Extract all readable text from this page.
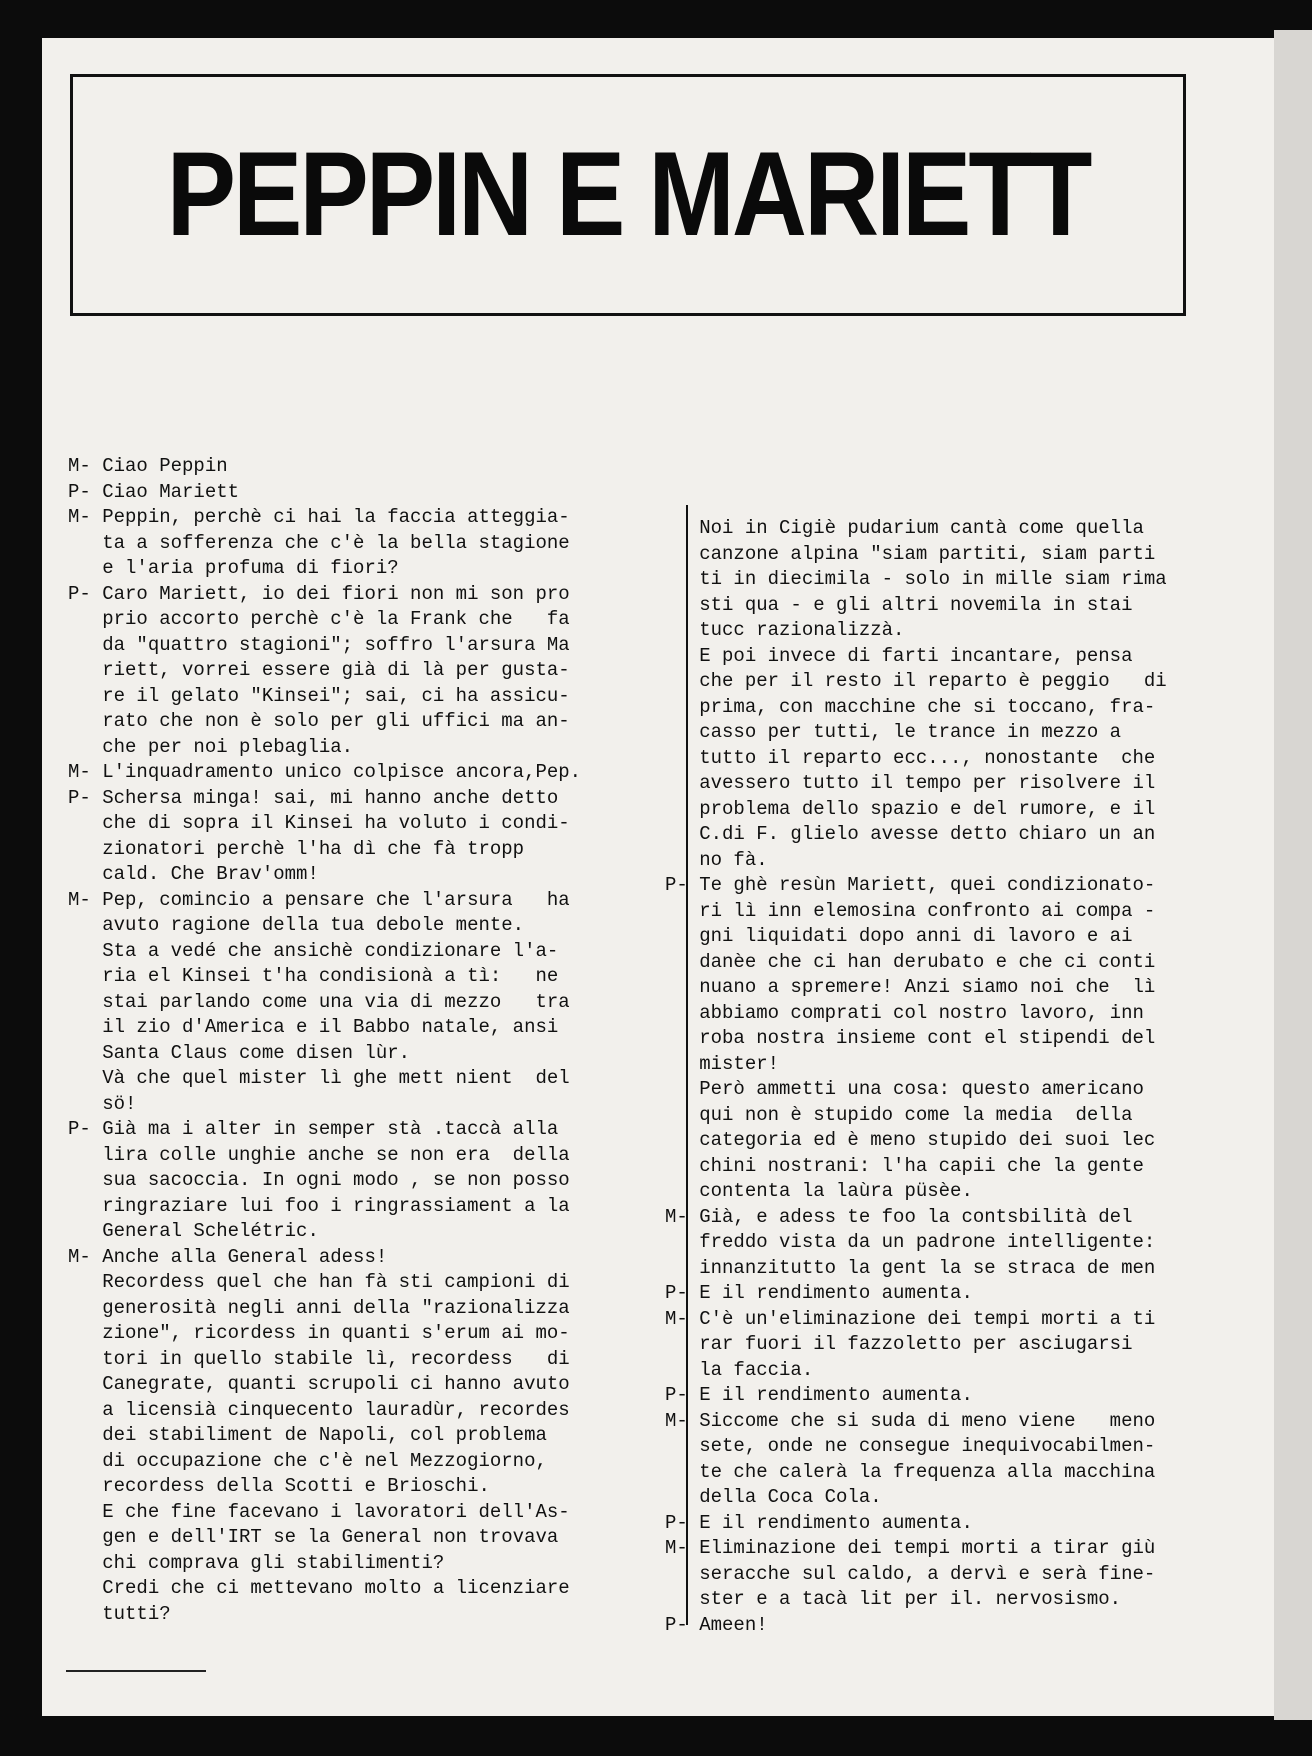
PEPPIN E MARIETT
M- Ciao Peppin
P- Ciao Mariett
M- Peppin, perchè ci hai la faccia atteggia-
ta a sofferenza che c'è la bella stagione
e l'aria profuma di fiori?
P- Caro Mariett, io dei fiori non mi son pro
prio accorto perchè c'è la Frank che   fa
da "quattro stagioni"; soffro l'arsura Ma
riett, vorrei essere già di là per gusta-
re il gelato "Kinsei"; sai, ci ha assicu-
rato che non è solo per gli uffici ma an-
che per noi plebaglia.
M- L'inquadramento unico colpisce ancora,Pep.
P- Schersa minga! sai, mi hanno anche detto
che di sopra il Kinsei ha voluto i condi-
zionatori perchè l'ha dì che fà tropp
cald. Che Brav'omm!
M- Pep, comincio a pensare che l'arsura   ha
avuto ragione della tua debole mente.
Sta a vedé che ansichè condizionare l'a-
ria el Kinsei t'ha condisionà a tì:   ne
stai parlando come una via di mezzo   tra
il zio d'America e il Babbo natale, ansi
Santa Claus come disen lùr.
Và che quel mister lì ghe mett nient  del
sö!
P- Già ma i alter in semper stà .taccà alla
lira colle unghie anche se non era  della
sua sacoccia. In ogni modo , se non posso
ringraziare lui foo i ringrassiament a la
General Schelétric.
M- Anche alla General adess!
Recordess quel che han fà sti campioni di
generosità negli anni della "razionalizza
zione", ricordess in quanti s'erum ai mo-
tori in quello stabile lì, recordess   di
Canegrate, quanti scrupoli ci hanno avuto
a licensià cinquecento lauradùr, recordes
dei stabiliment de Napoli, col problema
di occupazione che c'è nel Mezzogiorno,
recordess della Scotti e Brioschi.
E che fine facevano i lavoratori dell'As-
gen e dell'IRT se la General non trovava
chi comprava gli stabilimenti?
Credi che ci mettevano molto a licenziare
tutti?
Noi in Cigiè pudarium cantà come quella
canzone alpina "siam partiti, siam parti
ti in diecimila - solo in mille siam rima
sti qua - e gli altri novemila in stai
tucc razionalizzà.
E poi invece di farti incantare, pensa
che per il resto il reparto è peggio   di
prima, con macchine che si toccano, fra-
casso per tutti, le trance in mezzo a
tutto il reparto ecc..., nonostante  che
avessero tutto il tempo per risolvere il
problema dello spazio e del rumore, e il
C.di F. glielo avesse detto chiaro un an
no fà.
P- Te ghè resùn Mariett, quei condizionato-
ri lì inn elemosina confronto ai compa -
gni liquidati dopo anni di lavoro e ai
danèe che ci han derubato e che ci conti
nuano a spremere! Anzi siamo noi che  lì
abbiamo comprati col nostro lavoro, inn
roba nostra insieme cont el stipendi del
mister!
Però ammetti una cosa: questo americano
qui non è stupido come la media  della
categoria ed è meno stupido dei suoi lec
chini nostrani: l'ha capii che la gente
contenta la laùra püsèe.
M- Già, e adess te foo la contsbilità del
freddo vista da un padrone intelligente:
innanzitutto la gent la se straca de men
P- E il rendimento aumenta.
M- C'è un'eliminazione dei tempi morti a ti
rar fuori il fazzoletto per asciugarsi
la faccia.
P- E il rendimento aumenta.
M- Siccome che si suda di meno viene   meno
sete, onde ne consegue inequivocabilmen-
te che calerà la frequenza alla macchina
della Coca Cola.
P- E il rendimento aumenta.
M- Eliminazione dei tempi morti a tirar giù
seracche sul caldo, a dervì e serà fine-
ster e a tacà lit per il. nervosismo.
P- Ameen!
